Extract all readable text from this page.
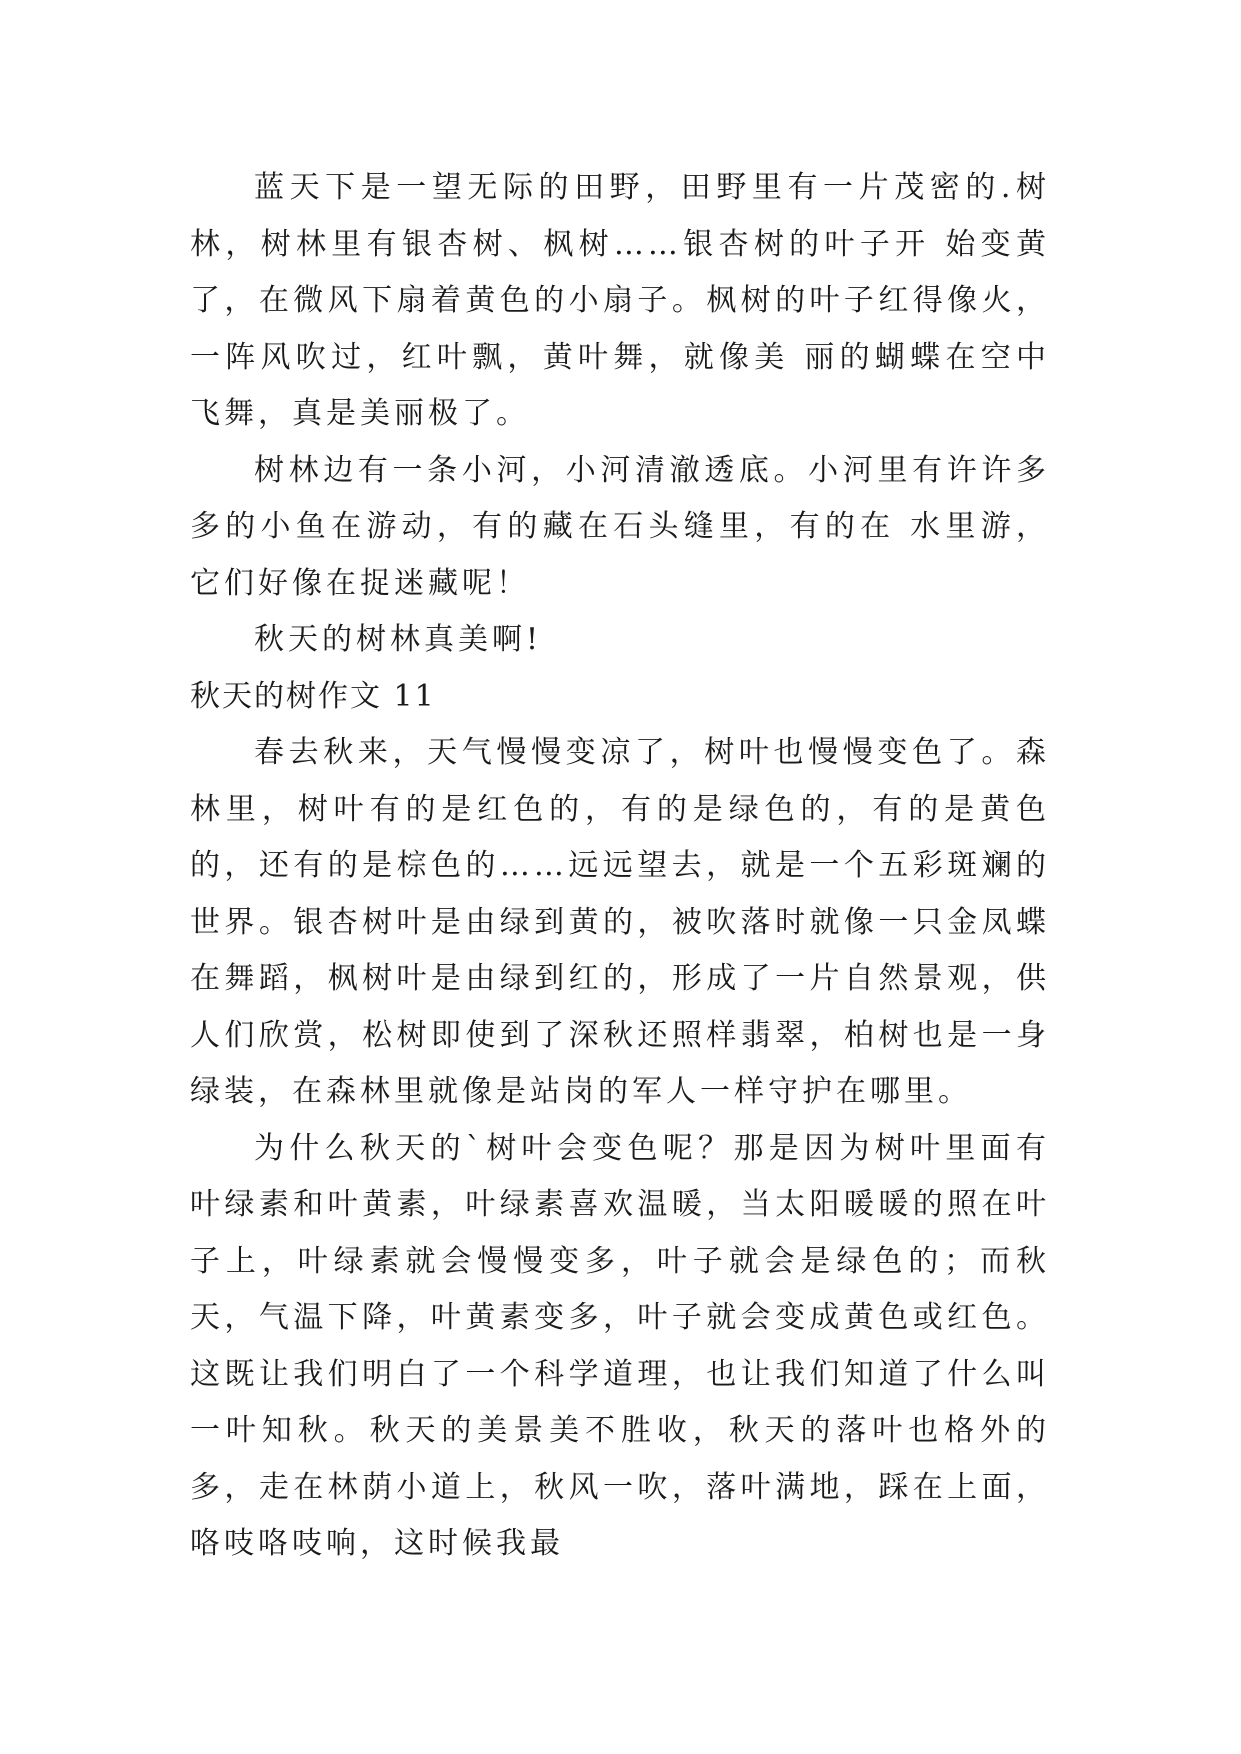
蓝天下是一望无际的田野，田野里有一片茂密的.树林，树林里有银杏树、枫树……银杏树的叶子开 始变黄了，在微风下扇着黄色的小扇子。枫树的叶子红得像火，一阵风吹过，红叶飘，黄叶舞，就像美 丽的蝴蝶在空中飞舞，真是美丽极了。

树林边有一条小河，小河清澈透底。小河里有许许多多的小鱼在游动，有的藏在石头缝里，有的在 水里游，它们好像在捉迷藏呢！

秋天的树林真美啊!

秋天的树作文 11

春去秋来，天气慢慢变凉了，树叶也慢慢变色了。森林里，树叶有的是红色的，有的是绿色的，有的是黄色的，还有的是棕色的……远远望去，就是一个五彩斑斓的世界。银杏树叶是由绿到黄的，被吹落时就像一只金凤蝶在舞蹈，枫树叶是由绿到红的，形成了一片自然景观，供人们欣赏，松树即使到了深秋还照样翡翠，柏树也是一身绿装，在森林里就像是站岗的军人一样守护在哪里。

为什么秋天的`树叶会变色呢？那是因为树叶里面有叶绿素和叶黄素，叶绿素喜欢温暖，当太阳暖暖的照在叶子上，叶绿素就会慢慢变多，叶子就会是绿色的；而秋天，气温下降，叶黄素变多，叶子就会变成黄色或红色。这既让我们明白了一个科学道理，也让我们知道了什么叫一叶知秋。秋天的美景美不胜收，秋天的落叶也格外的多，走在林荫小道上，秋风一吹，落叶满地，踩在上面，咯吱咯吱响，这时候我最
